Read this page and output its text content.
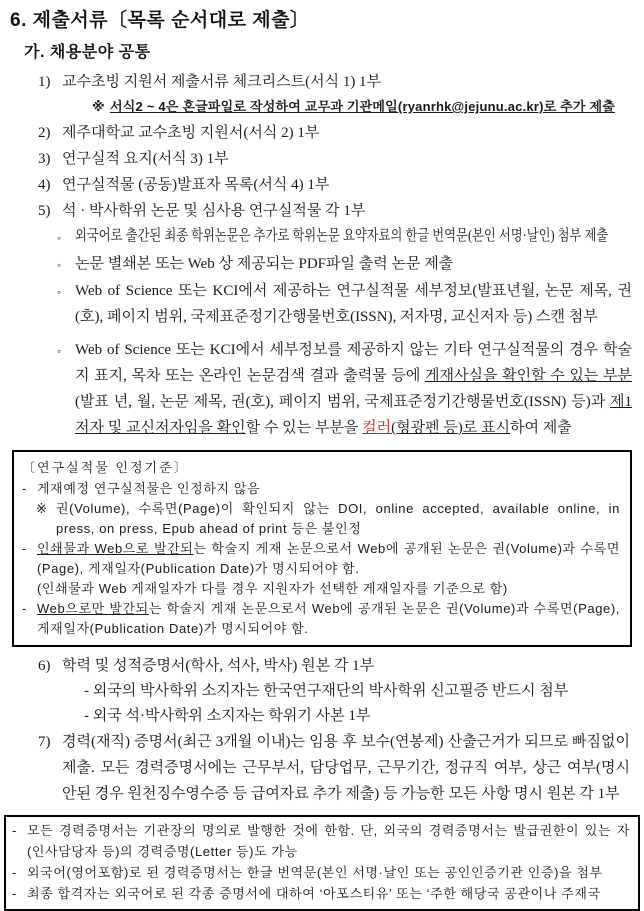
6. 제출서류〔목록 순서대로 제출〕
가. 채용분야 공통
1) 교수초빙 지원서 제출서류 체크리스트(서식 1) 1부
※ 서식2 ~ 4은 혼글파일로 작성하여 교무과 기관메일(ryanrhk@jejunu.ac.kr)로 추가 제출
2) 제주대학교 교수초빙 지원서(서식 2) 1부
3) 연구실적 요지(서식 3) 1부
4) 연구실적물 (공동)발표자 목록(서식 4) 1부
5) 석 · 박사학위 논문 및 심사용 연구실적물 각 1부
◦ 외국어로 출간된 최종 학위논문은 추가로 학위논문 요약자료의 한글 번역문(본인 서명·날인) 첨부 제출
◦ 논문 별쇄본 또는 Web 상 제공되는 PDF파일 출력 논문 제출
◦ Web of Science 또는 KCI에서 제공하는 연구실적물 세부정보(발표년월, 논문 제목, 권(호), 페이지 범위, 국제표준정기간행물번호(ISSN), 저자명, 교신저자 등) 스캔 첨부
◦ Web of Science 또는 KCI에서 세부정보를 제공하지 않는 기타 연구실적물의 경우 학술지 표지, 목차 또는 온라인 논문검색 결과 출력물 등에 게재사실을 확인할 수 있는 부분 (발표 년, 월, 논문 제목, 권(호), 페이지 범위, 국제표준정기간행물번호(ISSN) 등)과 제1저자 및 교신저자임을 확인할 수 있는 부분을 컬러(형광펜 등)로 표시하여 제출
〔연구실적물 인정기준〕
- 게재예정 연구실적물은 인정하지 않음
※ 권(Volume), 수록면(Page)이 확인되지 않는 DOI, online accepted, available online, in press, on press, Epub ahead of print 등은 불인정
- 인쇄물과 Web으로 발간되는 학술지 게재 논문으로서 Web에 공개된 논문은 권(Volume)과 수록면(Page), 게재일자(Publication Date)가 명시되어야 함.
(인쇄물과 Web 게재일자가 다를 경우 지원자가 선택한 게재일자를 기준으로 함)
- Web으로만 발간되는 학술지 게재 논문으로서 Web에 공개된 논문은 권(Volume)과 수록면(Page), 게재일자(Publication Date)가 명시되어야 함.
6) 학력 및 성적증명서(학사, 석사, 박사) 원본 각 1부
- 외국의 박사학위 소지자는 한국연구재단의 박사학위 신고필증 반드시 첨부
- 외국 석·박사학위 소지자는 학위기 사본 1부
7) 경력(재직) 증명서(최근 3개월 이내)는 임용 후 보수(연봉제) 산출근거가 되므로 빠짐없이 제출. 모든 경력증명서에는 근무부서, 담당업무, 근무기간, 정규직 여부, 상근 여부(명시 안된 경우 원천징수영수증 등 급여자료 추가 제출) 등 가능한 모든 사항 명시 원본 각 1부
- 모든 경력증명서는 기관장의 명의로 발행한 것에 한함. 단, 외국의 경력증명서는 발급권한이 있는 자(인사담당자 등)의 경력증명(Letter 등)도 가능
- 외국어(영어포함)로 된 경력증명서는 한글 번역문(본인 서명·날인 또는 공인인증기관 인증)을 첨부
- 최종 합격자는 외국어로 된 각종 증명서에 대하여 ‘아포스티유’ 또는 ‘주한 해당국 공관이나 주재국
